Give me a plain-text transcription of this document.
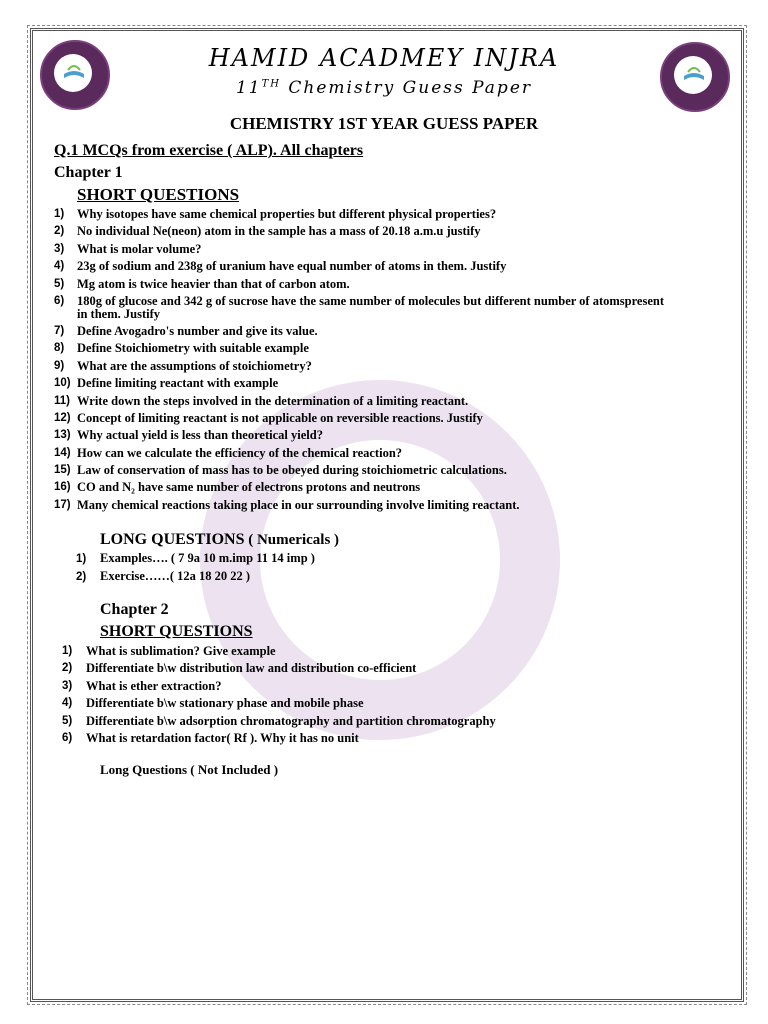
HAMID ACADMEY INJRA
11TH Chemistry Guess Paper
CHEMISTRY 1ST YEAR GUESS PAPER
Q.1 MCQs from exercise ( ALP). All chapters
Chapter 1
SHORT QUESTIONS
1)	Why isotopes have same chemical properties but different physical properties?
2)	No individual Ne(neon) atom in the sample has a mass of 20.18 a.m.u justify
3)	What is molar volume?
4)	23g of sodium and 238g of uranium have equal number of atoms in them. Justify
5)	Mg atom is twice heavier than that of carbon atom.
6)	180g of glucose and 342 g of sucrose have the same number of molecules but different number of atomspresent in them. Justify
7)	Define Avogadro's number and give its value.
8)	Define Stoichiometry with suitable example
9)	What are the assumptions of stoichiometry?
10) Define limiting reactant with example
11) Write down the steps involved in the determination of a limiting reactant.
12) Concept of limiting reactant is not applicable on reversible reactions. Justify
13) Why actual yield is less than theoretical yield?
14) How can we calculate the efficiency of the chemical reaction?
15) Law of conservation of mass has to be obeyed during stoichiometric calculations.
16) CO and N₂ have same number of electrons protons and neutrons
17) Many chemical reactions taking place in our surrounding involve limiting reactant.
LONG QUESTIONS ( Numericals )
1) Examples…. ( 7 9a 10 m.imp 11 14 imp )
2) Exercise……( 12a 18 20 22 )
Chapter 2
SHORT QUESTIONS
1)	What is sublimation? Give example
2)	Differentiate b\w distribution law and distribution co-efficient
3)	What is ether extraction?
4)	Differentiate b\w stationary phase and mobile phase
5)	Differentiate b\w adsorption chromatography and partition chromatography
6)	What is retardation factor( Rf ). Why it has no unit
Long Questions ( Not Included )
